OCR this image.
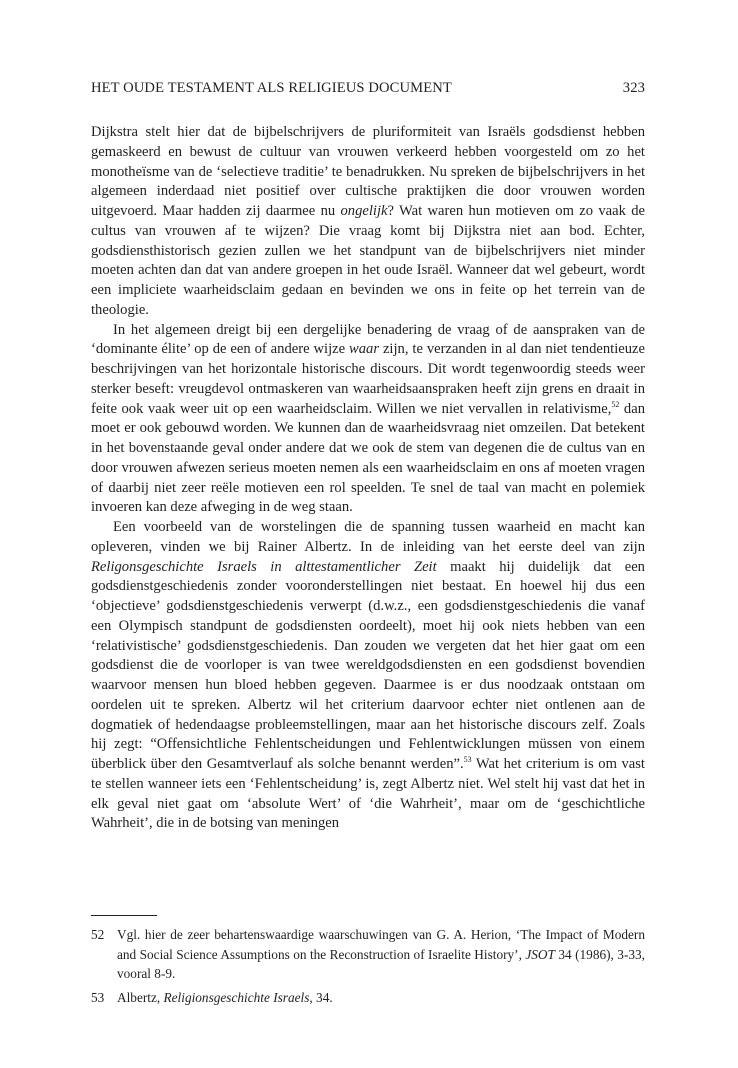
HET OUDE TESTAMENT ALS RELIGIEUS DOCUMENT	323

Dijkstra stelt hier dat de bijbelschrijvers de pluriformiteit van Israëls godsdienst hebben gemaskeerd en bewust de cultuur van vrouwen verkeerd hebben voorgesteld om zo het monotheïsme van de ‘selectieve traditie’ te benadrukken. Nu spreken de bijbelschrijvers in het algemeen inderdaad niet positief over cultische praktijken die door vrouwen worden uitgevoerd. Maar hadden zij daarmee nu ongelijk? Wat waren hun motieven om zo vaak de cultus van vrouwen af te wijzen? Die vraag komt bij Dijkstra niet aan bod. Echter, godsdiensthistorisch gezien zullen we het standpunt van de bijbelschrijvers niet minder moeten achten dan dat van andere groepen in het oude Israël. Wanneer dat wel gebeurt, wordt een impliciete waarheidsclaim gedaan en bevinden we ons in feite op het terrein van de theologie.

In het algemeen dreigt bij een dergelijke benadering de vraag of de aanspraken van de ‘dominante élite’ op de een of andere wijze waar zijn, te verzanden in al dan niet tendentieuze beschrijvingen van het horizontale historische discours. Dit wordt tegenwoordig steeds weer sterker beseft: vreugdevol ontmaskeren van waarheidsaanspraken heeft zijn grens en draait in feite ook vaak weer uit op een waarheidsclaim. Willen we niet vervallen in relativisme,$^{52}$ dan moet er ook gebouwd worden. We kunnen dan de waarheidsvraag niet omzeilen. Dat betekent in het bovenstaande geval onder andere dat we ook de stem van degenen die de cultus van en door vrouwen afwezen serieus moeten nemen als een waarheidsclaim en ons af moeten vragen of daarbij niet zeer reële motieven een rol speelden. Te snel de taal van macht en polemiek invoeren kan deze afweging in de weg staan.

Een voorbeeld van de worstelingen die de spanning tussen waarheid en macht kan opleveren, vinden we bij Rainer Albertz. In de inleiding van het eerste deel van zijn Religonsgeschichte Israels in alttestamentlicher Zeit maakt hij duidelijk dat een godsdienstgeschiedenis zonder vooronderstellingen niet bestaat. En hoewel hij dus een ‘objectieve’ godsdienstgeschiedenis verwerpt (d.w.z., een godsdienstgeschiedenis die vanaf een Olympisch standpunt de godsdiensten oordeelt), moet hij ook niets hebben van een ‘relativistische’ godsdienstgeschiedenis. Dan zouden we vergeten dat het hier gaat om een godsdienst die de voorloper is van twee wereldgodsdiensten en een godsdienst bovendien waarvoor mensen hun bloed hebben gegeven. Daarmee is er dus noodzaak ontstaan om oordelen uit te spreken. Albertz wil het criterium daarvoor echter niet ontlenen aan de dogmatiek of hedendaagse probleemstellingen, maar aan het historische discours zelf. Zoals hij zegt: “Offensichtliche Fehlentscheidungen und Fehlentwicklungen müssen von einem überblick über den Gesamtverlauf als solche benannt werden”.$^{53}$ Wat het criterium is om vast te stellen wanneer iets een ‘Fehlentscheidung’ is, zegt Albertz niet. Wel stelt hij vast dat het in elk geval niet gaat om ‘absolute Wert’ of ‘die Wahrheit’, maar om de ‘geschichtliche Wahrheit’, die in de botsing van meningen

52 Vgl. hier de zeer behartenswaardige waarschuwingen van G. A. Herion, ‘The Impact of Modern and Social Science Assumptions on the Reconstruction of Israelite History’, JSOT 34 (1986), 3-33, vooral 8-9.
53 Albertz, Religionsgeschichte Israels, 34.
